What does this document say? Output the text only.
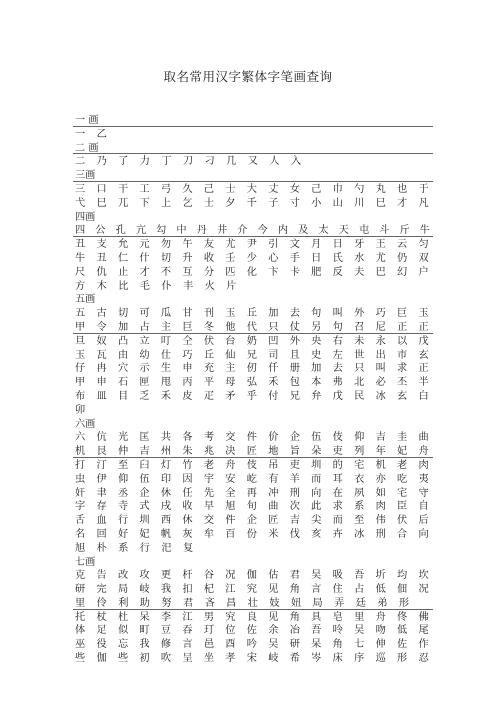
取名常用汉字繁体字笔画查询
一 画
一	乙
二 画
二	乃	了	力	丁	刀	刁	几	又	人	入
三画
三	口	干	工	弓	久	己	士	大	丈	女	己	巾	勺	丸	也	于
弋	巳	兀	下	上	乞	士	夕	千	子	寸	小	山	川	巳	才	凡
四画
四 公 孔 亢 勾 中 丹 井 介 今 内 及 太 天 屯 斗 斤 牛
丑	支	允	元	勿	午	友	尤	尹	引	文	月	日	牙	王	云	匀
牛	丑	仁	什	切	升	收	壬	少	心	手	日	氏	水	尤	仍	双
尺	仇	止	才	不	互	分	匹	化	卞	卡	肥	反	夫	巴	幻	户
方	木	比	毛	仆	丰	火	片
五画
五	古	切	可	瓜	甘	刊	玉	丘	加	去	句	叫	外	巧	巨	玉
甲	令	加	占	主	巨	冬	他	代	只	仗	另	句	召	尼	正	正
旦	奴	凸	立	叮	仝	伏	台	奶	凹	外	央	右	未	永	以	戊
玉	瓦	由	幼	仕	巧	丘	仙	兄	司	且	史	左	世	出	市	玄
仔	冉	穴	示	生	申	充	主	仞	仟	册	加	去	只	叫	求	正
甲	申	石	匣	甩	丙	平	母	弘	禾	包	本	弗	北	必	丕	半
布	皿	目	乏	禾	皮	疋	矛	乎	付	兄	弁	戊	民	冰	玄	白
卯
六画
六	伉	光	匡	共	各	考	交	件	价	企	伍	伎	仰	吉	圭	曲
机	艮	仲	吉	州	朱	兆	决	匠	地	旨	朵	吏	列	年	妃	舟
打	汀	至	臼	灯	竹	老	舟	伎	吊	吏	圳	的	宅	机	老	肉
虫	伊	仰	伍	印	因	宇	安	屹	有	羊	而	耳	衣	亦	吃	夷
奸	聿	丞	企	休	任	先	全	再	冲	刑	向	在	夙	如	宅	守
字	存	寺	式	戌	收	早	旭	旬	曲	次	此	求	系	肉	臣	自
舌	血	行	圳	西	休	交	件	企	匠	吉	尖	而	至	伟	伏	后
名	回	好	妃	帆	灰	牟	百	份	米	伐	亥	卉	冰	刑	合	向
旭	朴	系	行	汜	复
七画
克	告	改	攻	更	杆	谷	况	伽	估	君	吴	吸	吾	圻	均	坎
研	完	局	岐	我	扣	杞	江	究	见	角	言	住	占	低	佃	况
里	伶	利	助	努	君	吝	昌	壮	妓	妞	局	弄	廷	弟	形
托	杖	杜	呆	李	江	男	究	良	见	角	具	皂	里	舟	佟	佛
体	足	似	町	豆	吞	玎	位	佐	余	冶	吾	呤	吴	吻	低	尾
巫	役	忘	我	修	言	邑	酉	吟	吴	研	呆	角	七	伸	佐	作
些	伽	些	初	吹	呈	坐	孝	宋	岐	希	岑	床	序	巡	形	忍
